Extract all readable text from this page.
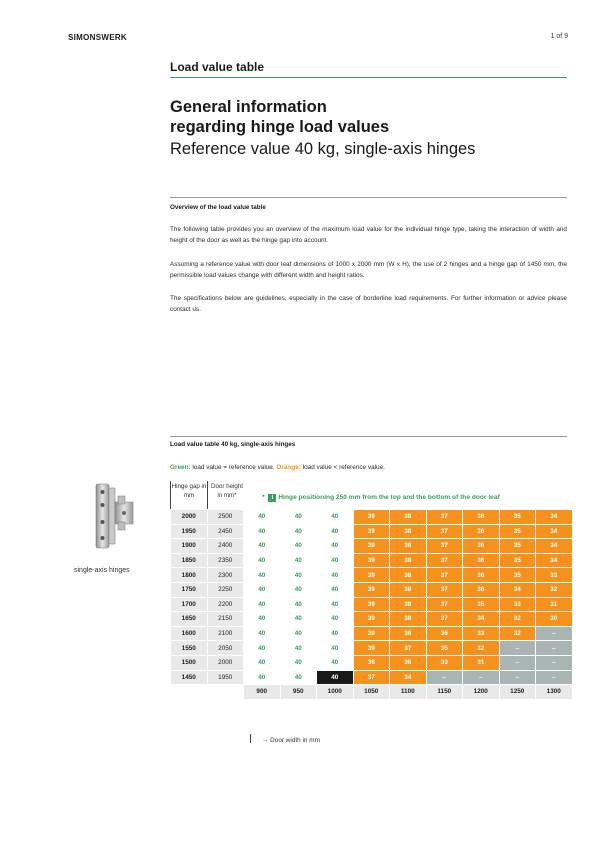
SIMONSWERK	1 of 9
Load value table
General information
regarding hinge load values
Reference value 40 kg, single-axis hinges
Overview of the load value table
The following table provides you an overview of the maximum load value for the individual hinge type, taking the interaction of width and height of the door as well as the hinge gap into account.
Assuming a reference value with door leaf dimensions of 1000 x 2000 mm (W x H), the use of 2 hinges and a hinge gap of 1450 mm, the permissible load values change with different width and height ratios.
The specifications below are guidelines, especially in the case of borderline load requirements. For further information or advice please contact us.
Load value table 40 kg, single-axis hinges
Green: load value = reference value. Orange: load value < reference value.
Hinge gap in mm
Door height in mm*	* i Hinge positioning 250 mm from the top and the bottom of the door leaf
single-axis hinges
2000	2500	40	40	40	39	38	37	36	35	34
1950	2450	40	40	40	39	38	37	36	35	34
1900	2400	40	40	40	39	38	37	36	35	34
1850	2350	40	40	40	39	38	37	36	35	34
1800	2300	40	40	40	39	38	37	36	35	33
1750	2250	40	40	40	39	38	37	36	34	32
1700	2200	40	40	40	39	38	37	35	33	31
1650	2150	40	40	40	39	38	37	34	32	30
1600	2100	40	40	40	39	38	36	33	32	–
1550	2050	40	40	40	39	37	35	32	–	–
1500	2000	40	40	40	38	36	33	31	–	–
1450	1950	40	40	40	37	34	–	–	–	–
		900	950	1000	1050	1100	1150	1200	1250	1300
→ Door width in mm
